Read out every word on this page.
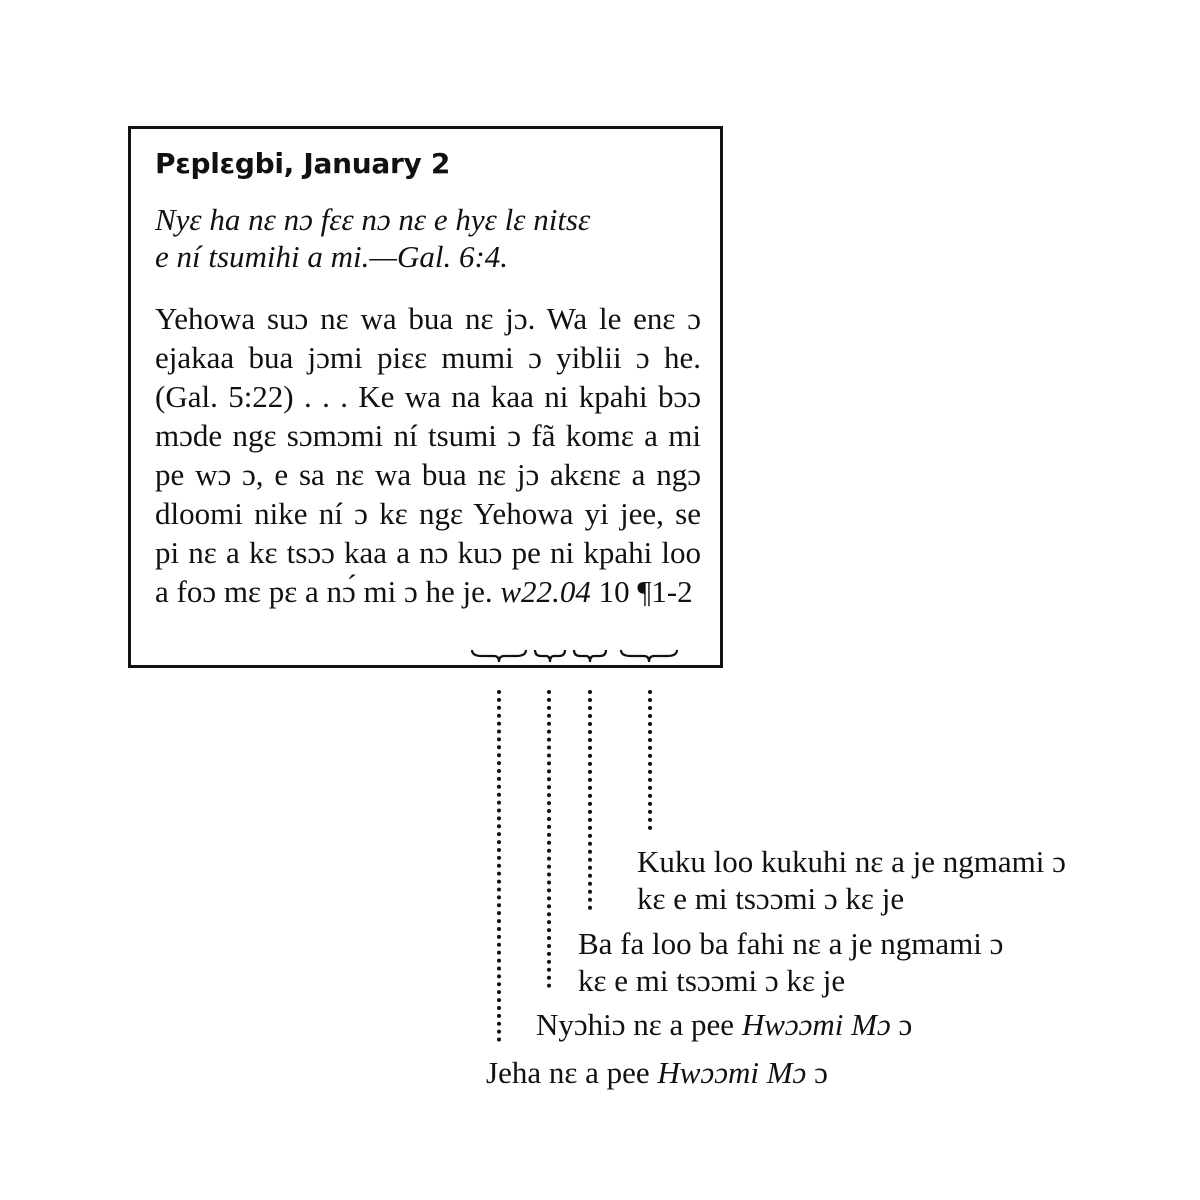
Pɛplɛgbi, January 2
Nyɛ ha nɛ nɔ fɛɛ nɔ nɛ e hyɛ lɛ nitsɛ
e ní tsumihi a mi.—Gal. 6:4.
Yehowa suɔ nɛ wa bua nɛ jɔ. Wa le enɛ ɔ ejakaa bua jɔmi piɛɛ mumi ɔ yiblii ɔ he. (Gal. 5:22) . . . Ke wa na kaa ni kpahi bɔɔ mɔde ngɛ sɔmɔmi ní tsumi ɔ fã komɛ a mi pe wɔ ɔ, e sa nɛ wa bua nɛ jɔ akɛnɛ a ngɔ dloomi nike ní ɔ kɛ ngɛ Yehowa yi jee, se pi nɛ a kɛ tsɔɔ kaa a nɔ kuɔ pe ni kpahi loo a foɔ mɛ pɛ a nɔ́ mi ɔ he je. w22.04 10 ¶1-2
Kuku loo kukuhi nɛ a je ngmami ɔ
kɛ e mi tsɔɔmi ɔ kɛ je
Ba fa loo ba fahi nɛ a je ngmami ɔ
kɛ e mi tsɔɔmi ɔ kɛ je
Nyɔhiɔ nɛ a pee Hwɔɔmi Mɔ ɔ
Jeha nɛ a pee Hwɔɔmi Mɔ ɔ
